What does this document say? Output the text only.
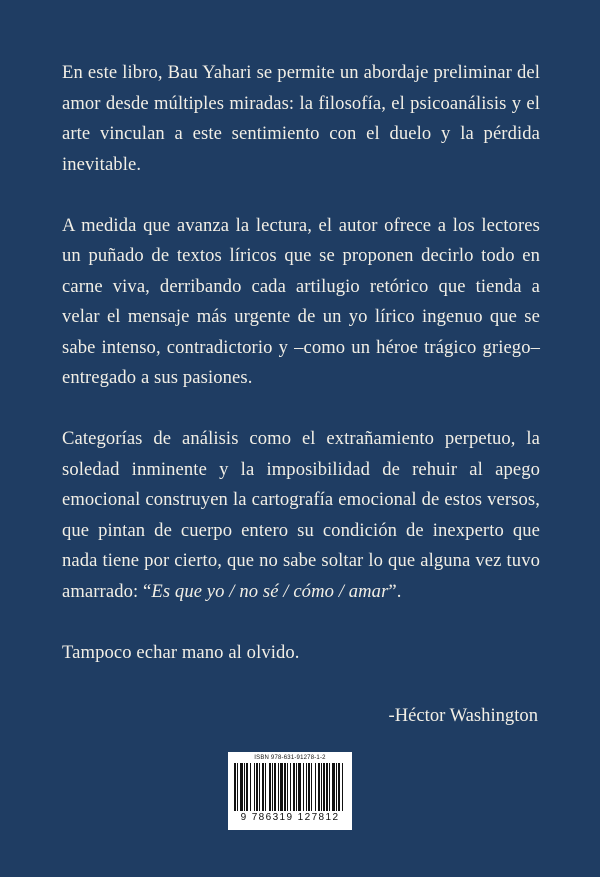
En este libro, Bau Yahari se permite un abordaje preliminar del amor desde múltiples miradas: la filosofía, el psicoanálisis y el arte vinculan a este sentimiento con el duelo y la pérdida inevitable.

A medida que avanza la lectura, el autor ofrece a los lectores un puñado de textos líricos que se proponen decirlo todo en carne viva, derribando cada artilugio retórico que tienda a velar el mensaje más urgente de un yo lírico ingenuo que se sabe intenso, contradictorio y –como un héroe trágico griego– entregado a sus pasiones.

Categorías de análisis como el extrañamiento perpetuo, la soledad inminente y la imposibilidad de rehuir al apego emocional construyen la cartografía emocional de estos versos, que pintan de cuerpo entero su condición de inexperto que nada tiene por cierto, que no sabe soltar lo que alguna vez tuvo amarrado: “Es que yo / no sé / cómo / amar”.

Tampoco echar mano al olvido.

-Héctor Washington
ISBN 978-631-91278-1-2
9 786319 127812
